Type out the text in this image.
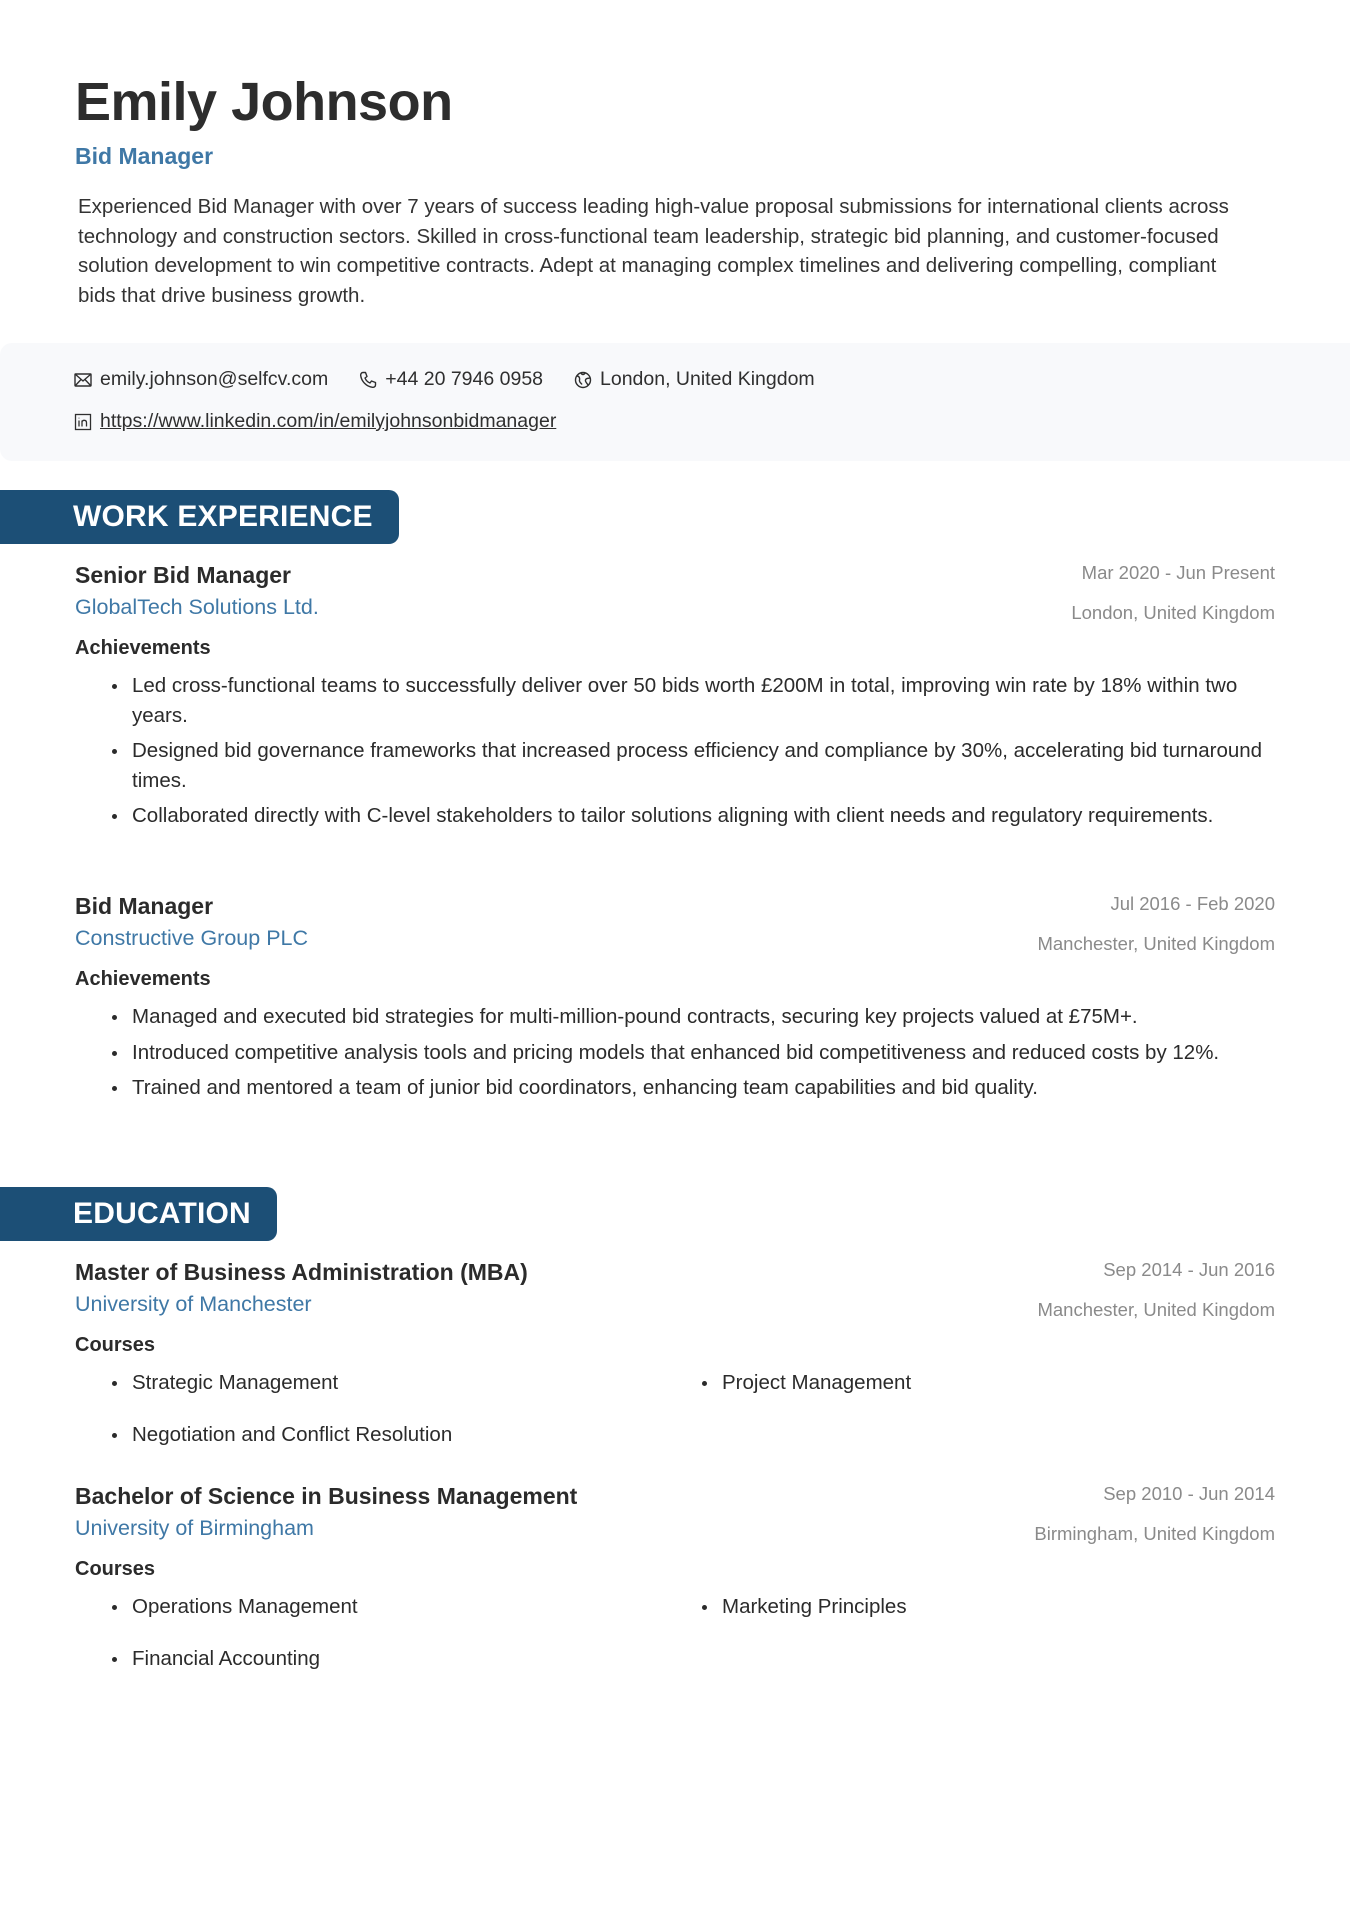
Emily Johnson
Bid Manager
Experienced Bid Manager with over 7 years of success leading high-value proposal submissions for international clients across technology and construction sectors. Skilled in cross-functional team leadership, strategic bid planning, and customer-focused solution development to win competitive contracts. Adept at managing complex timelines and delivering compelling, compliant bids that drive business growth.
emily.johnson@selfcv.com	+44 20 7946 0958	London, United Kingdom
https://www.linkedin.com/in/emilyjohnsonbidmanager
WORK EXPERIENCE
Senior Bid Manager
GlobalTech Solutions Ltd.
Mar 2020 - Jun Present
London, United Kingdom
Achievements
Led cross-functional teams to successfully deliver over 50 bids worth £200M in total, improving win rate by 18% within two years.
Designed bid governance frameworks that increased process efficiency and compliance by 30%, accelerating bid turnaround times.
Collaborated directly with C-level stakeholders to tailor solutions aligning with client needs and regulatory requirements.
Bid Manager
Constructive Group PLC
Jul 2016 - Feb 2020
Manchester, United Kingdom
Achievements
Managed and executed bid strategies for multi-million-pound contracts, securing key projects valued at £75M+.
Introduced competitive analysis tools and pricing models that enhanced bid competitiveness and reduced costs by 12%.
Trained and mentored a team of junior bid coordinators, enhancing team capabilities and bid quality.
EDUCATION
Master of Business Administration (MBA)
University of Manchester
Sep 2014 - Jun 2016
Manchester, United Kingdom
Courses
Strategic Management	Project Management
Negotiation and Conflict Resolution
Bachelor of Science in Business Management
University of Birmingham
Sep 2010 - Jun 2014
Birmingham, United Kingdom
Courses
Operations Management	Marketing Principles
Financial Accounting
